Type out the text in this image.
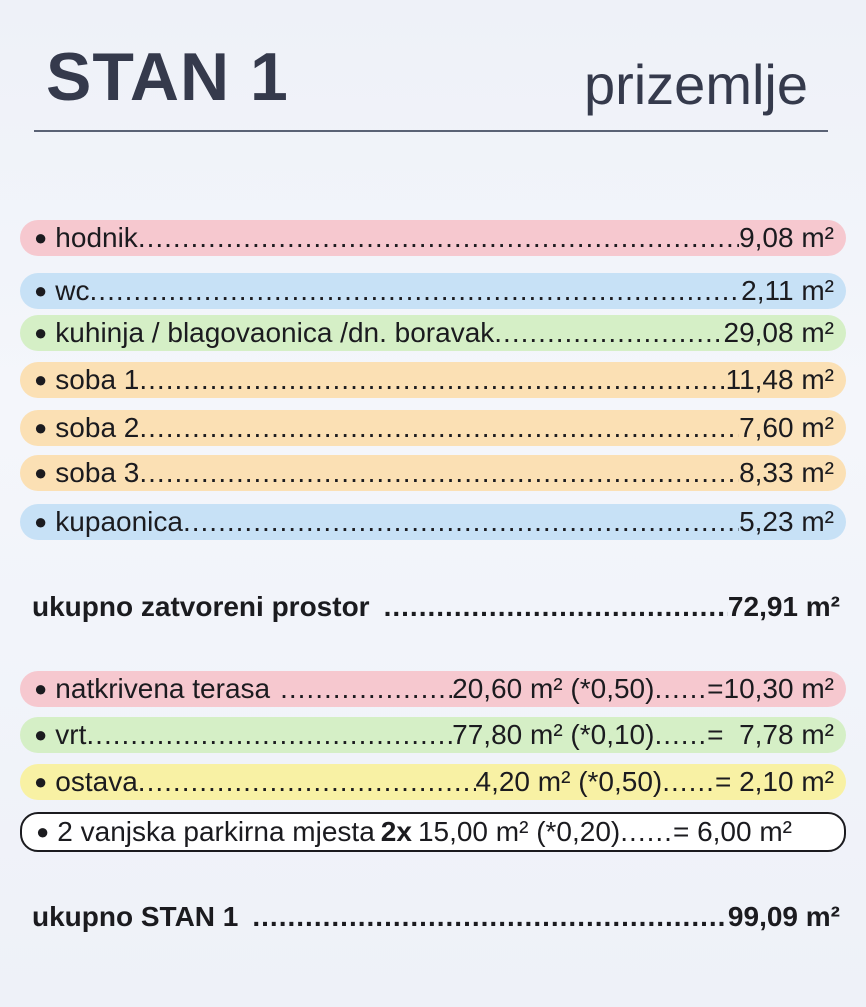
STAN 1	prizemlje
● hodnik .....	9,08 m²
● wc .....	2,11 m²
● kuhinja / blagovaonica /dn. boravak .....	29,08 m²
● soba 1 .....	11,48 m²
● soba 2 .....	7,60 m²
● soba 3 .....	8,33 m²
● kupaonica .....	5,23 m²
ukupno zatvoreni prostor .....	72,91 m²
● natkrivena terasa .....	20,60 m² (*0,50) ...... =10,30 m²
● vrt .....	77,80 m² (*0,10) ...... =  7,78 m²
● ostava .....	4,20 m² (*0,50) ...... = 2,10 m²
● 2 vanjska parkirna mjesta 2x 15,00 m² (*0,20) ...... = 6,00 m²
ukupno STAN 1 .....	99,09 m²
